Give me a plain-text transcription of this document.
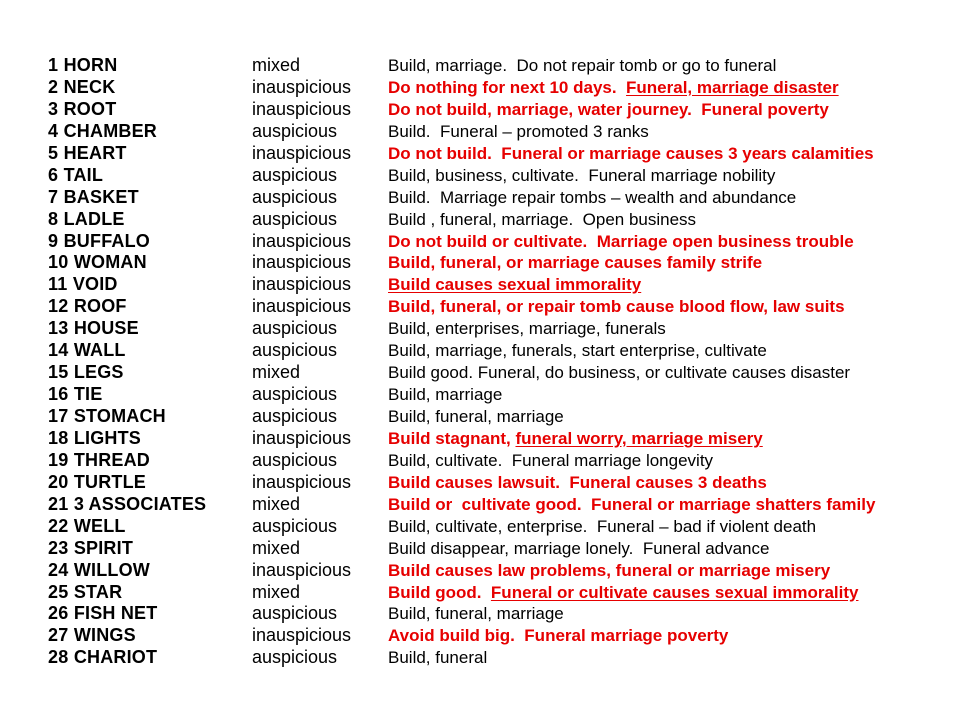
1 HORN	mixed	Build, marriage.  Do not repair tomb or go to funeral
2 NECK	inauspicious	Do nothing for next 10 days.  Funeral, marriage disaster
3 ROOT	inauspicious	Do not build, marriage, water journey.  Funeral poverty
4 CHAMBER	auspicious	Build.  Funeral – promoted 3 ranks
5 HEART	inauspicious	Do not build.  Funeral or marriage causes 3 years calamities
6 TAIL	auspicious	Build, business, cultivate.  Funeral marriage nobility
7 BASKET	auspicious	Build.  Marriage repair tombs – wealth and abundance
8 LADLE	auspicious	Build , funeral, marriage.  Open business
9 BUFFALO	inauspicious	Do not build or cultivate.  Marriage open business trouble
10 WOMAN	inauspicious	Build, funeral, or marriage causes family strife
11 VOID	inauspicious	Build causes sexual immorality
12 ROOF	inauspicious	Build, funeral, or repair tomb cause blood flow, law suits
13 HOUSE	auspicious	Build, enterprises, marriage, funerals
14 WALL	auspicious	Build, marriage, funerals, start enterprise, cultivate
15 LEGS	mixed	Build good. Funeral, do business, or cultivate causes disaster
16 TIE	auspicious	Build, marriage
17 STOMACH	auspicious	Build, funeral, marriage
18 LIGHTS	inauspicious	Build stagnant, funeral worry, marriage misery
19 THREAD	auspicious	Build, cultivate.  Funeral marriage longevity
20 TURTLE	inauspicious	Build causes lawsuit.  Funeral causes 3 deaths
21 3 ASSOCIATES	mixed	Build or  cultivate good.  Funeral or marriage shatters family
22 WELL	auspicious	Build, cultivate, enterprise.  Funeral – bad if violent death
23 SPIRIT	mixed	Build disappear, marriage lonely.  Funeral advance
24 WILLOW	inauspicious	Build causes law problems, funeral or marriage misery
25 STAR	mixed	Build good.  Funeral or cultivate causes sexual immorality
26 FISH NET	auspicious	Build, funeral, marriage
27 WINGS	inauspicious	Avoid build big.  Funeral marriage poverty
28 CHARIOT	auspicious	Build, funeral
